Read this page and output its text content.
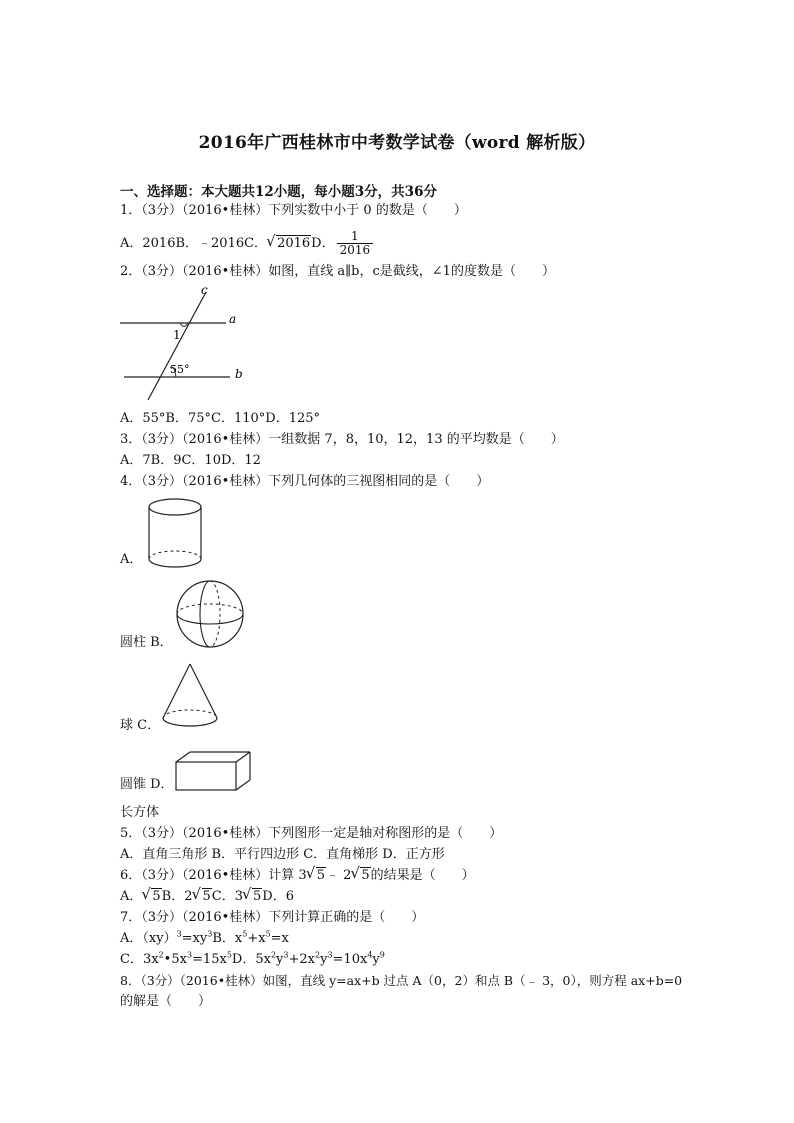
2016年广西桂林市中考数学试卷（word 解析版）
一、选择题：本大题共12小题，每小题3分，共36分
1．（3分）（2016•桂林）下列实数中小于 0 的数是（　　）
A．2016B．﹣2016C． √ 2016D． $\frac{1}{2016}$
2．（3分）（2016•桂林）如图，直线 a∥b，c是截线，∠1的度数是（　　）
c
a
b
1
55°
A．55°B．75°C．110°D．125°
3．（3分）（2016•桂林）一组数据 7，8，10，12，13 的平均数是（　　）
A．7B．9C．10D．12
4．（3分）（2016•桂林）下列几何体的三视图相同的是（　　）
A．
圆柱 B．
球 C．
圆锥 D．
长方体
5．（3分）（2016•桂林）下列图形一定是轴对称图形的是（　　）
A．直角三角形 B．平行四边形 C．直角梯形 D．正方形
6．（3分）（2016•桂林）计算 3 √ 5﹣ 2 √ 5的结果是（　　）
A． √ 5B．2 √ 5C．3 √ 5D．6
7．（3分）（2016•桂林）下列计算正确的是（　　）
A．$(xy)^3=xy^3B$．$x^5+x^5=x$
C．$3x^2•5x^3=15x^5D$．$5x^2y^3+2x^2y^3=10x^4y^9$
8．（3分）（2016•桂林）如图，直线 y=ax+b 过点 A（0，2）和点 B（﹣ 3，0），则方程 ax+b=0
的解是（　　）
